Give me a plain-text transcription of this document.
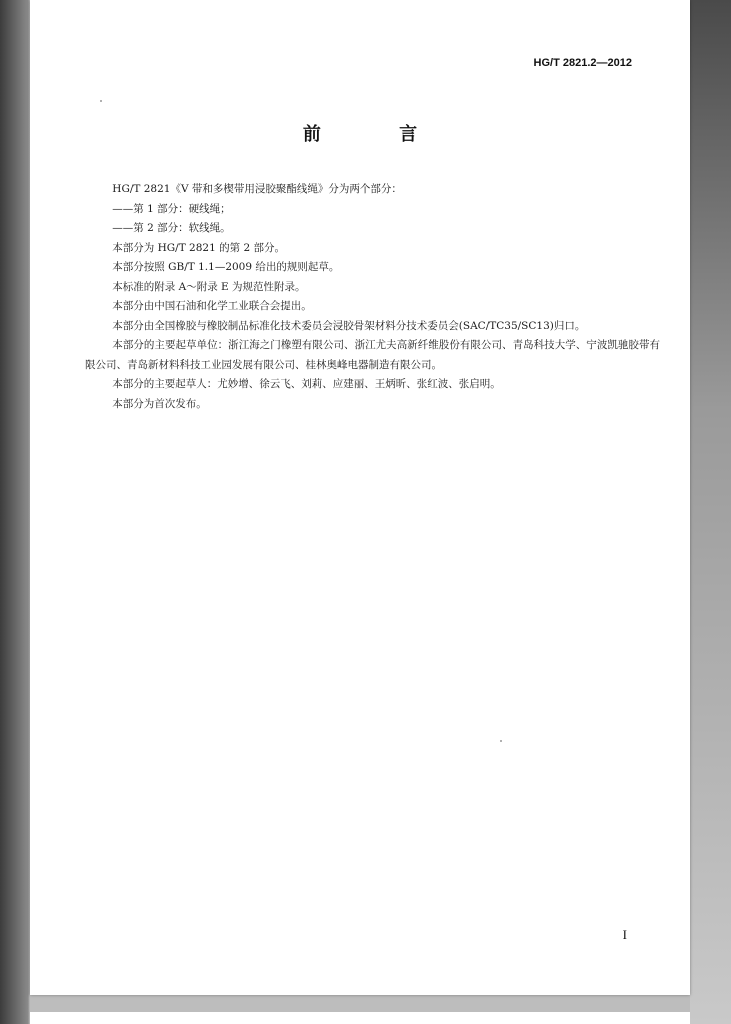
HG/T 2821.2—2012
前 言

HG/T 2821《V 带和多楔带用浸胶聚酯线绳》分为两个部分：

——第 1 部分：硬线绳；

——第 2 部分：软线绳。

本部分为 HG/T 2821 的第 2 部分。

本部分按照 GB/T 1.1—2009 给出的规则起草。

本标准的附录 A～附录 E 为规范性附录。

本部分由中国石油和化学工业联合会提出。

本部分由全国橡胶与橡胶制品标准化技术委员会浸胶骨架材料分技术委员会(SAC/TC35/SC13)归口。

本部分的主要起草单位：浙江海之门橡塑有限公司、浙江尤夫高新纤维股份有限公司、青岛科技大学、宁波凯驰胶带有限公司、青岛新材料科技工业园发展有限公司、桂林奥峰电器制造有限公司。

本部分的主要起草人：尤妙增、徐云飞、刘莉、应建丽、王炳昕、张红波、张启明。

本部分为首次发布。

I
